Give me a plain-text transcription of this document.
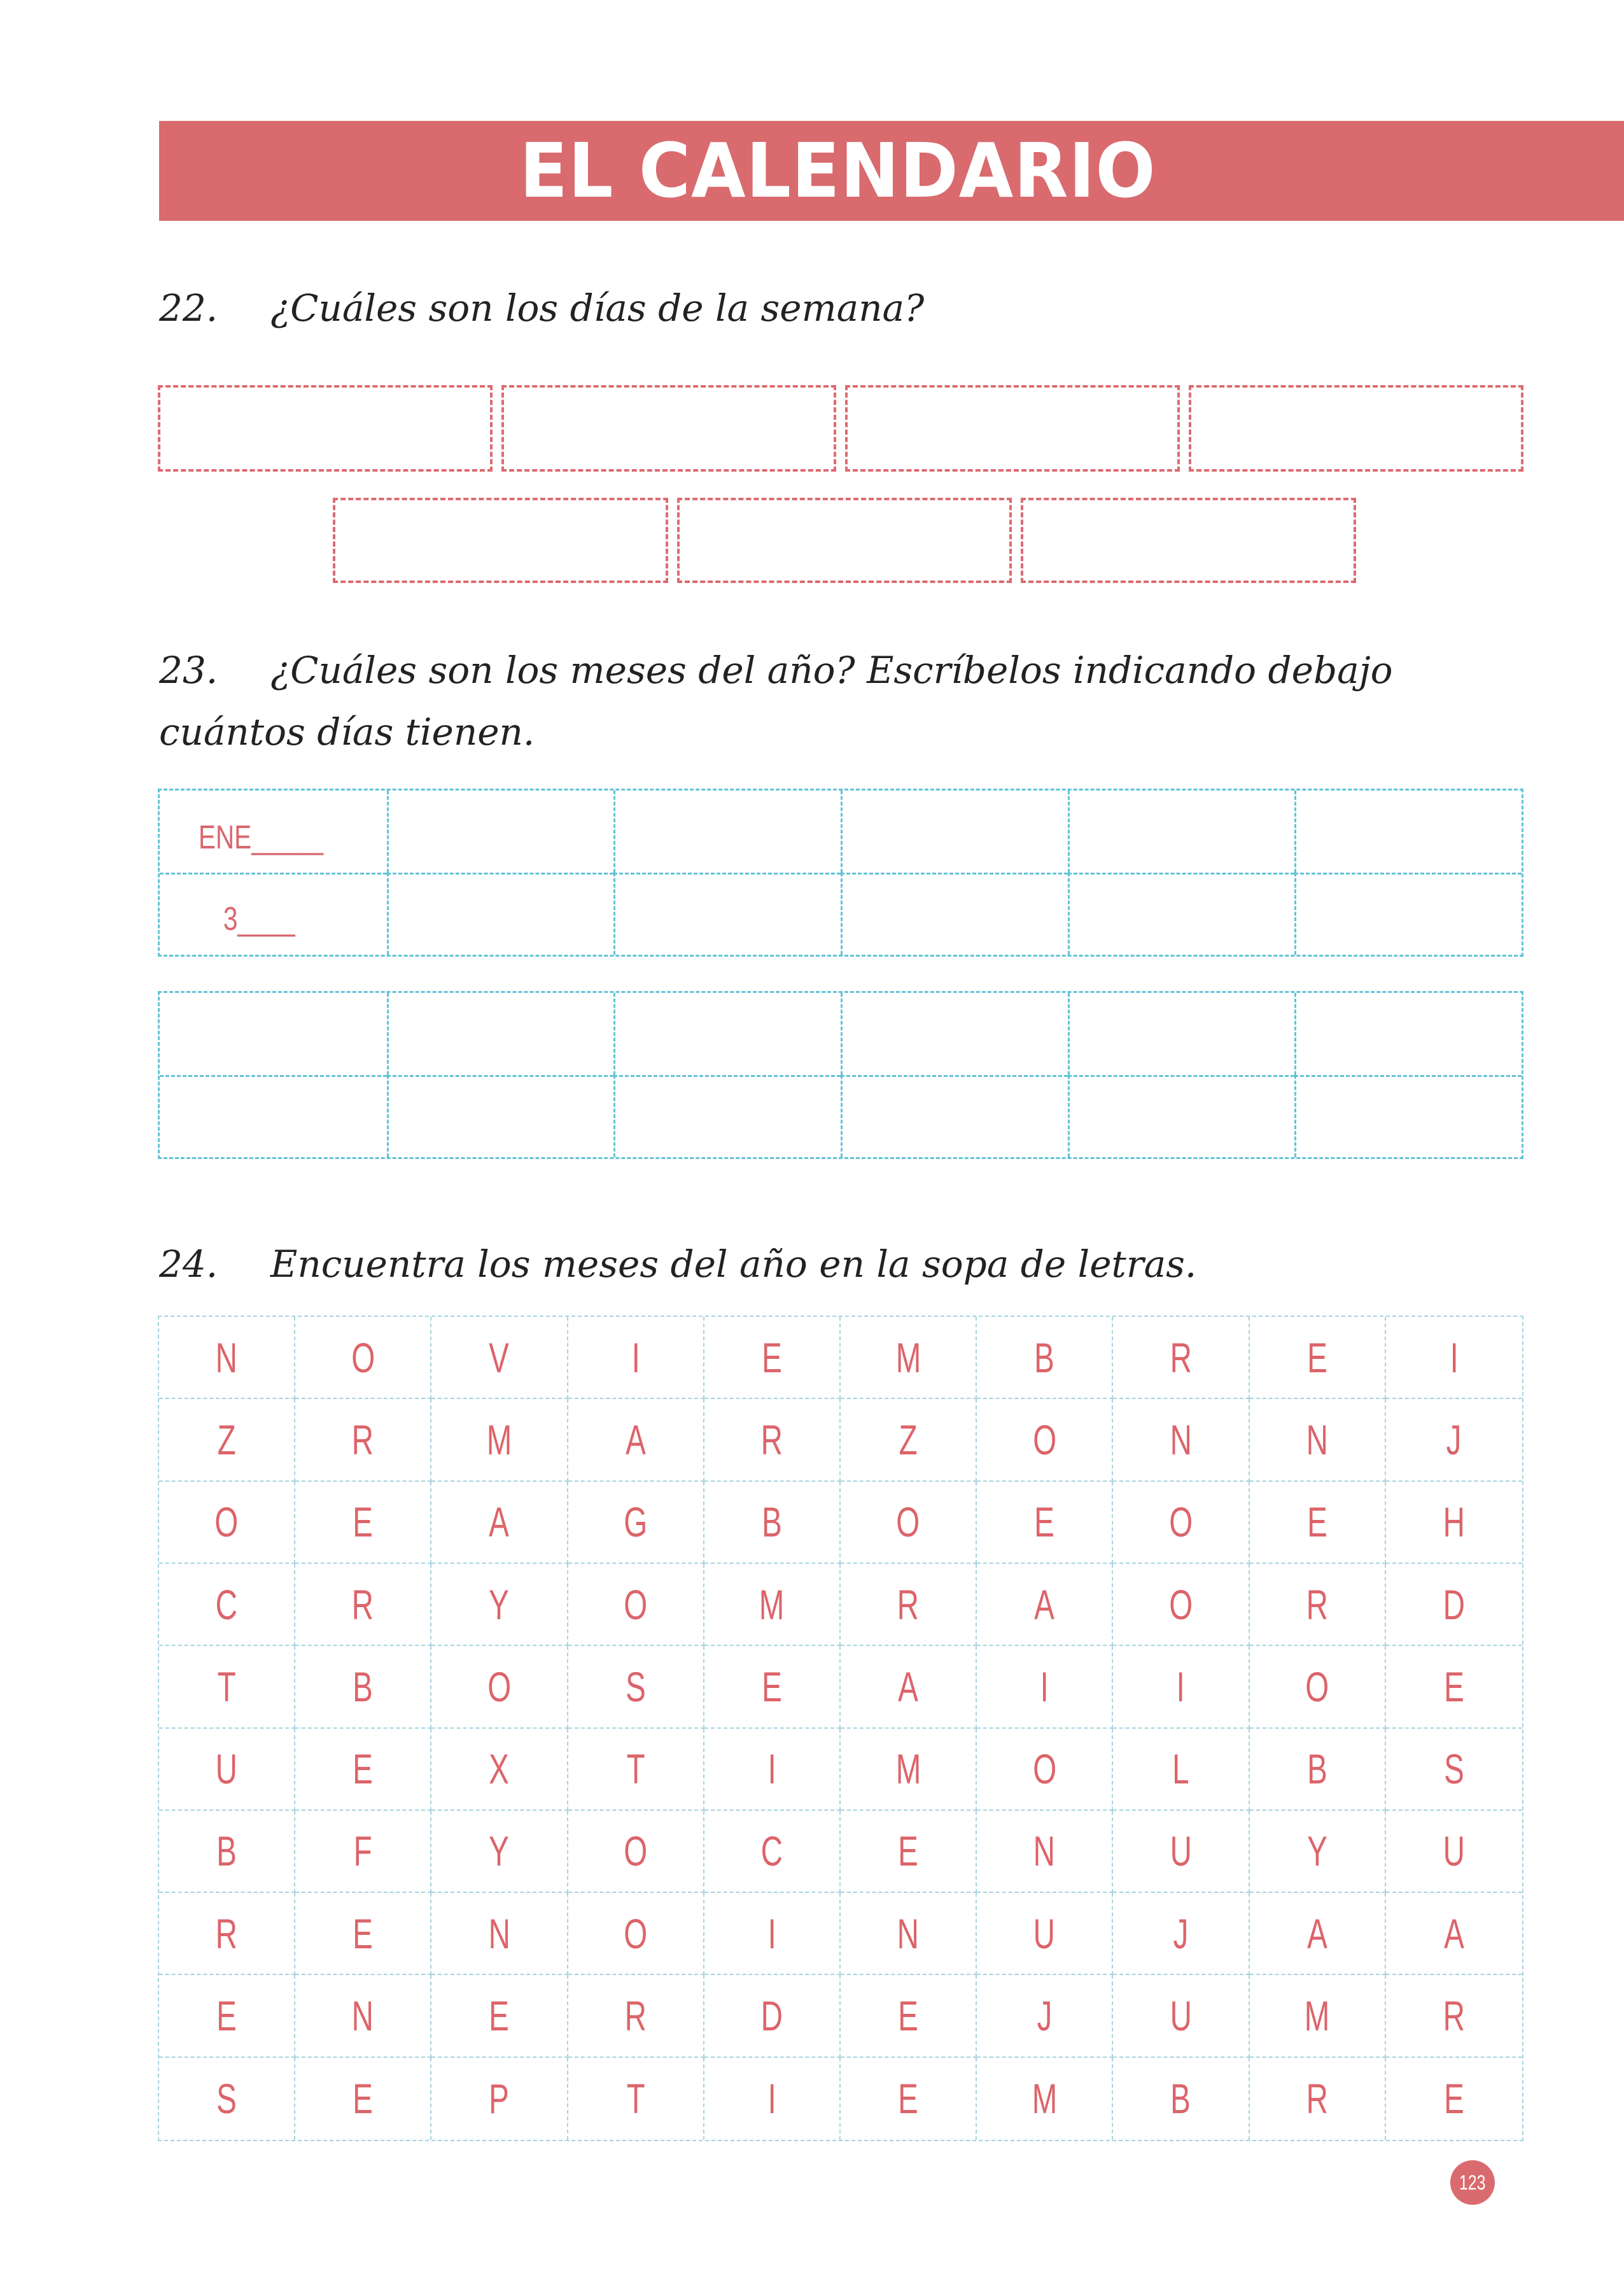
EL CALENDARIO
22.	¿Cuáles son los días de la semana?
23.	¿Cuáles son los meses del año? Escríbelos indicando debajo
cuántos días tienen.
ENE_____
3____
24.	Encuentra los meses del año en la sopa de letras.
N	O	V	I	E	M	B	R	E	I
Z	R	M	A	R	Z	O	N	N	J
O	E	A	G	B	O	E	O	E	H
C	R	Y	O	M	R	A	O	R	D
T	B	O	S	E	A	I	I	O	E
U	E	X	T	I	M	O	L	B	S
B	F	Y	O	C	E	N	U	Y	U
R	E	N	O	I	N	U	J	A	A
E	N	E	R	D	E	J	U	M	R
S	E	P	T	I	E	M	B	R	E
123
